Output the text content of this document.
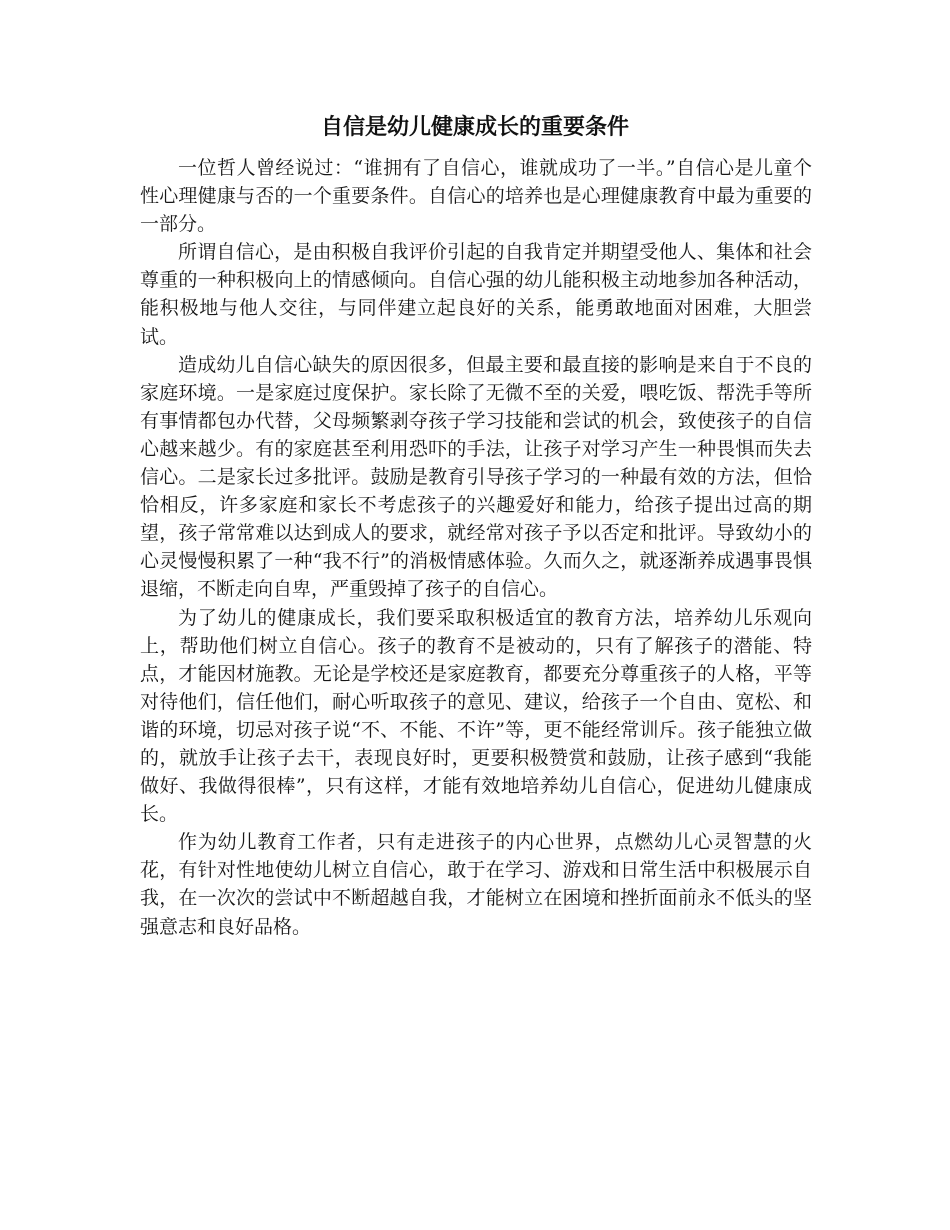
自信是幼儿健康成长的重要条件

一位哲人曾经说过：“谁拥有了自信心，谁就成功了一半。”自信心是儿童个性心理健康与否的一个重要条件。自信心的培养也是心理健康教育中最为重要的一部分。

所谓自信心，是由积极自我评价引起的自我肯定并期望受他人、集体和社会尊重的一种积极向上的情感倾向。自信心强的幼儿能积极主动地参加各种活动，能积极地与他人交往，与同伴建立起良好的关系，能勇敢地面对困难，大胆尝试。

造成幼儿自信心缺失的原因很多，但最主要和最直接的影响是来自于不良的家庭环境。一是家庭过度保护。家长除了无微不至的关爱，喂吃饭、帮洗手等所有事情都包办代替，父母频繁剥夺孩子学习技能和尝试的机会，致使孩子的自信心越来越少。有的家庭甚至利用恐吓的手法，让孩子对学习产生一种畏惧而失去信心。二是家长过多批评。鼓励是教育引导孩子学习的一种最有效的方法，但恰恰相反，许多家庭和家长不考虑孩子的兴趣爱好和能力，给孩子提出过高的期望，孩子常常难以达到成人的要求，就经常对孩子予以否定和批评。导致幼小的心灵慢慢积累了一种“我不行”的消极情感体验。久而久之，就逐渐养成遇事畏惧退缩，不断走向自卑，严重毁掉了孩子的自信心。

为了幼儿的健康成长，我们要采取积极适宜的教育方法，培养幼儿乐观向上，帮助他们树立自信心。孩子的教育不是被动的，只有了解孩子的潜能、特点，才能因材施教。无论是学校还是家庭教育，都要充分尊重孩子的人格，平等对待他们，信任他们，耐心听取孩子的意见、建议，给孩子一个自由、宽松、和谐的环境，切忌对孩子说“不、不能、不许”等，更不能经常训斥。孩子能独立做的，就放手让孩子去干，表现良好时，更要积极赞赏和鼓励，让孩子感到“我能做好、我做得很棒”，只有这样，才能有效地培养幼儿自信心，促进幼儿健康成长。

作为幼儿教育工作者，只有走进孩子的内心世界，点燃幼儿心灵智慧的火花，有针对性地使幼儿树立自信心，敢于在学习、游戏和日常生活中积极展示自我，在一次次的尝试中不断超越自我，才能树立在困境和挫折面前永不低头的坚强意志和良好品格。
